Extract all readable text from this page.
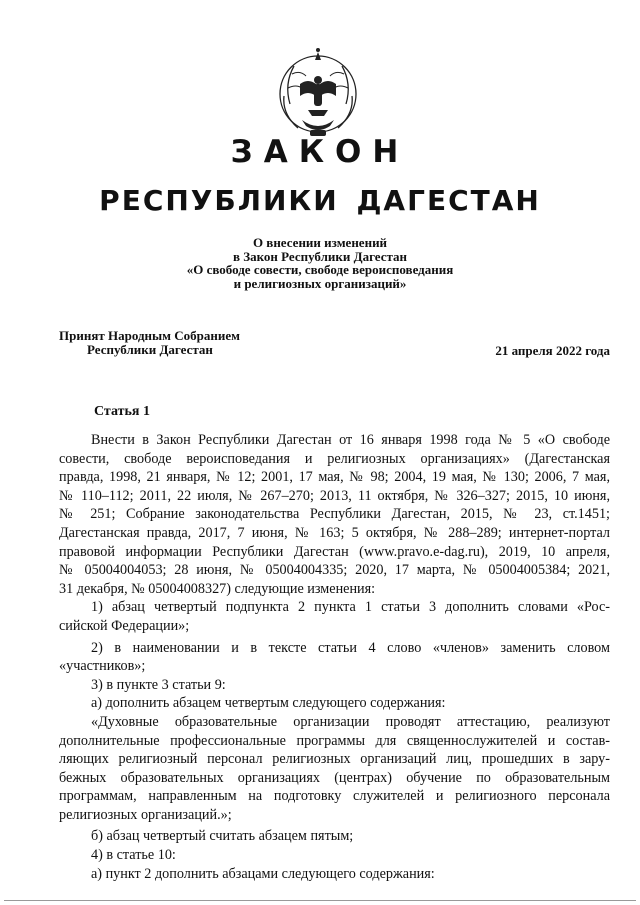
ЗАКОН
РЕСПУБЛИКИ ДАГЕСТАН
О внесении изменений
в Закон Республики Дагестан
«О свободе совести, свободе вероисповедания
и религиозных организаций»
Принят Народным Собранием
Республики Дагестан	21 апреля 2022 года
Статья 1
Внести в Закон Республики Дагестан от 16 января 1998 года № 5 «О свободе
совести, свободе вероисповедания и религиозных организациях» (Дагестанская
правда, 1998, 21 января, № 12; 2001, 17 мая, № 98; 2004, 19 мая, № 130; 2006, 7 мая,
№ 110–112; 2011, 22 июля, № 267–270; 2013, 11 октября, № 326–327; 2015, 10 июня,
№ 251; Собрание законодательства Республики Дагестан, 2015, № 23, ст.1451;
Дагестанская правда, 2017, 7 июня, № 163; 5 октября, № 288–289; интернет-портал
правовой информации Республики Дагестан (www.pravo.e-dag.ru), 2019, 10 апреля,
№ 05004004053; 28 июня, № 05004004335; 2020, 17 марта, № 05004005384; 2021,
31 декабря, № 05004008327) следующие изменения:
1) абзац четвертый подпункта 2 пункта 1 статьи 3 дополнить словами «Рос-
сийской Федерации»;
2) в наименовании и в тексте статьи 4 слово «членов» заменить словом
«участников»;
3) в пункте 3 статьи 9:
а) дополнить абзацем четвертым следующего содержания:
«Духовные образовательные организации проводят аттестацию, реализуют
дополнительные профессиональные программы для священнослужителей и состав-
ляющих религиозный персонал религиозных организаций лиц, прошедших в зару-
бежных образовательных организациях (центрах) обучение по образовательным
программам, направленным на подготовку служителей и религиозного персонала
религиозных организаций.»;
б) абзац четвертый считать абзацем пятым;
4) в статье 10:
а) пункт 2 дополнить абзацами следующего содержания:
